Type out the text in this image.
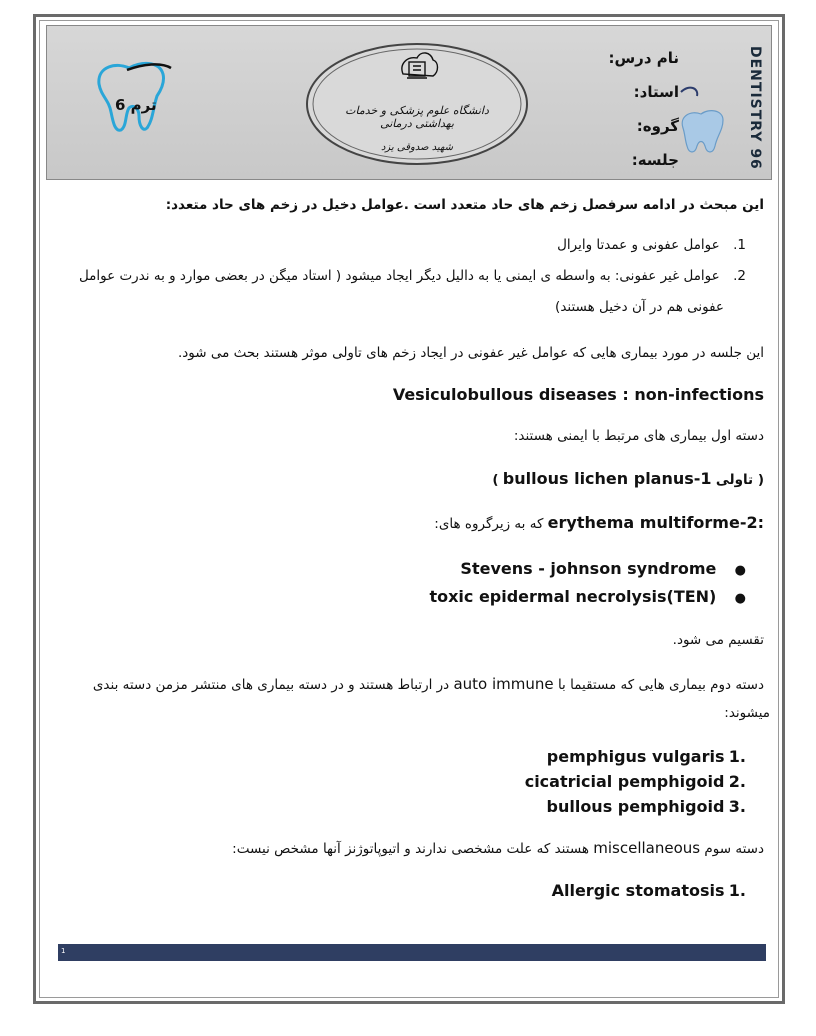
ترم 6	دانشگاه علوم پزشکی و خدمات بهداشتی درمانی
شهید صدوقی یزد
نام درس:
استاد:
گروه:
جلسه:	DENTISTRY 96
این مبحث در ادامه سرفصل زخم های حاد متعدد است .عوامل دخیل در زخم های حاد متعدد:
1. عوامل عفونی و عمدتا وایرال
2. عوامل غیر عفونی: به واسطه ی ایمنی یا به دالیل دیگر ایجاد میشود ( استاد میگن در بعضی موارد و به ندرت عوامل
عفونی هم در آن دخیل هستند)
این جلسه در مورد بیماری هایی که عوامل غیر عفونی در ایجاد زخم های تاولی موثر هستند بحث می شود.
Vesiculobullous diseases : non-infections
دسته اول بیماری های مرتبط با ایمنی هستند:
( تاولی bullous lichen planus-1 )
erythema multiforme-2: که به زیرگروه های:
● Stevens - johnson syndrome
● toxic epidermal necrolysis(TEN)
تقسیم می شود.
دسته دوم بیماری هایی که مستقیما با auto immune در ارتباط هستند و در دسته بیماری های منتشر مزمن دسته بندی
میشوند:
.1 pemphigus vulgaris
.2 cicatricial pemphigoid
.3 bullous pemphigoid
دسته سوم miscellaneous هستند که علت مشخصی ندارند و اتیوپاتوژنز آنها مشخص نیست:
.1 Allergic stomatosis
1
